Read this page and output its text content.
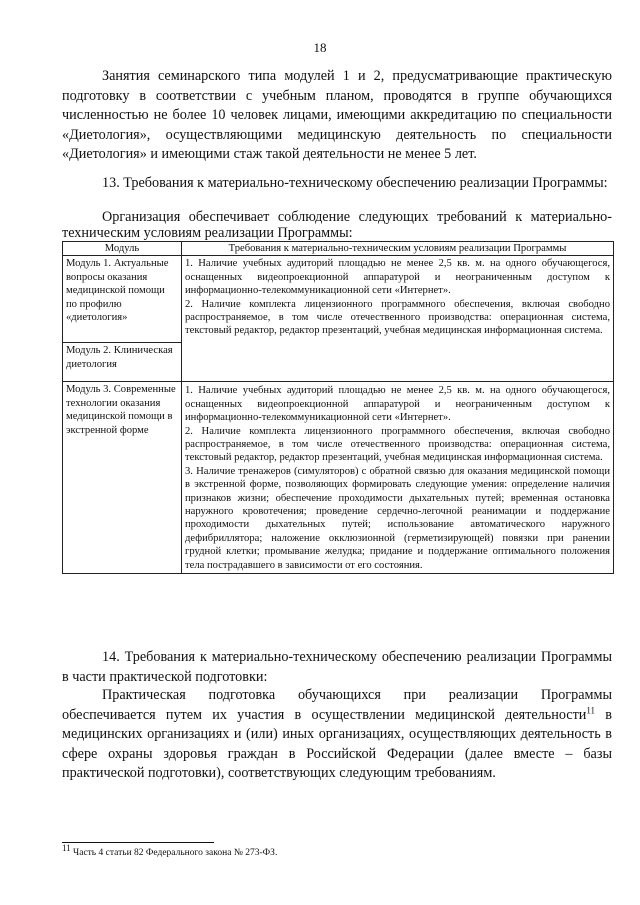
18

Занятия семинарского типа модулей 1 и 2, предусматривающие практическую подготовку в соответствии с учебным планом, проводятся в группе обучающихся численностью не более 10 человек лицами, имеющими аккредитацию по специальности «Диетология», осуществляющими медицинскую деятельность по специальности «Диетология» и имеющими стаж такой деятельности не менее 5 лет.

13. Требования к материально-техническому обеспечению реализации Программы:

Организация обеспечивает соблюдение следующих требований к материально-техническим условиям реализации Программы:

Модуль	Требования к материально-техническим условиям реализации Программы
Модуль 1. Актуальные вопросы оказания медицинской помощи по профилю «диетология»	1. Наличие учебных аудиторий площадью не менее 2,5 кв. м. на одного обучающегося, оснащенных видеопроекционной аппаратурой и неограниченным доступом к информационно-телекоммуникационной сети «Интернет».

2. Наличие комплекта лицензионного программного обеспечения, включая свободно распространяемое, в том числе отечественного производства: операционная система, текстовый редактор, редактор презентаций, учебная медицинская информационная система.

Модуль 2. Клиническая диетология	
Модуль 3. Современные технологии оказания медицинской помощи в экстренной форме	1. Наличие учебных аудиторий площадью не менее 2,5 кв. м. на одного обучающегося, оснащенных видеопроекционной аппаратурой и неограниченным доступом к информационно-телекоммуникационной сети «Интернет».

2. Наличие комплекта лицензионного программного обеспечения, включая свободно распространяемое, в том числе отечественного производства: операционная система, текстовый редактор, редактор презентаций, учебная медицинская информационная система.

3. Наличие тренажеров (симуляторов) с обратной связью для оказания медицинской помощи в экстренной форме, позволяющих формировать следующие умения: определение наличия признаков жизни; обеспечение проходимости дыхательных путей; временная остановка наружного кровотечения; проведение сердечно-легочной реанимации и поддержание проходимости дыхательных путей; использование автоматического наружного дефибриллятора; наложение окклюзионной (герметизирующей) повязки при ранении грудной клетки; промывание желудка; придание и поддержание оптимального положения тела пострадавшего в зависимости от его состояния.

14. Требования к материально-техническому обеспечению реализации Программы в части практической подготовки:

Практическая подготовка обучающихся при реализации Программы обеспечивается путем их участия в осуществлении медицинской деятельности$^{11}$ в медицинских организациях и (или) иных организациях, осуществляющих деятельность в сфере охраны здоровья граждан в Российской Федерации (далее вместе – базы практической подготовки), соответствующих следующим требованиям.

$^{11}$ Часть 4 статьи 82 Федерального закона № 273-ФЗ.
